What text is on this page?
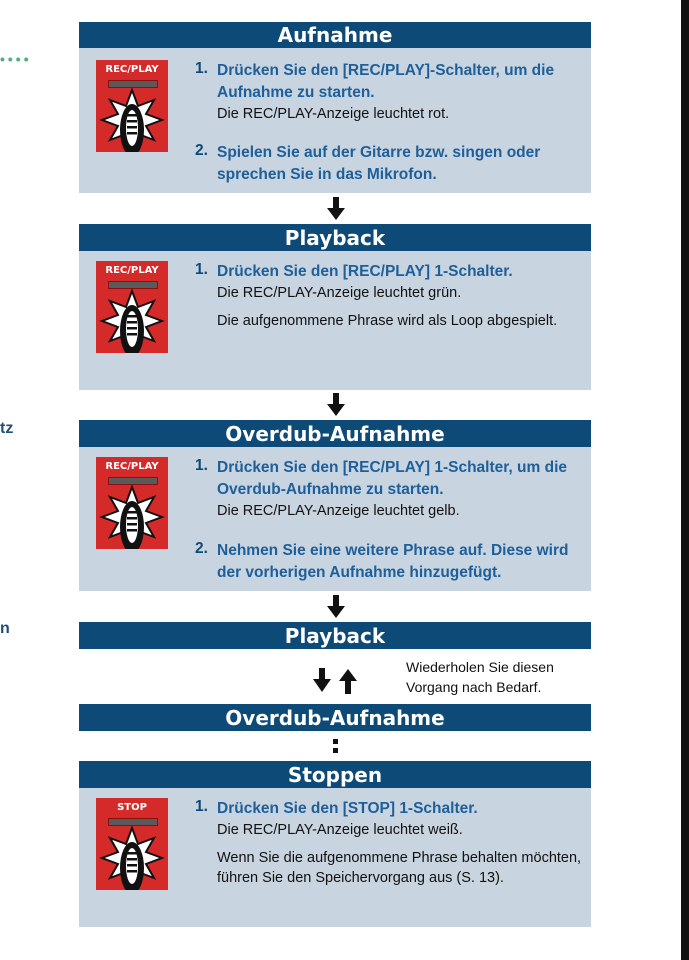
••••
tz
n
Aufnahme
REC/PLAY	1. Drücken Sie den [REC/PLAY]-Schalter, um die Aufnahme zu starten.
Die REC/PLAY-Anzeige leuchtet rot.
2. Spielen Sie auf der Gitarre bzw. singen oder sprechen Sie in das Mikrofon.
Playback
REC/PLAY	1. Drücken Sie den [REC/PLAY] 1-Schalter.
Die REC/PLAY-Anzeige leuchtet grün.
Die aufgenommene Phrase wird als Loop abgespielt.
Overdub-Aufnahme
REC/PLAY	1. Drücken Sie den [REC/PLAY] 1-Schalter, um die Overdub-Aufnahme zu starten.
Die REC/PLAY-Anzeige leuchtet gelb.
2. Nehmen Sie eine weitere Phrase auf. Diese wird der vorherigen Aufnahme hinzugefügt.
Playback
Wiederholen Sie diesen Vorgang nach Bedarf.
Overdub-Aufnahme
Stoppen
STOP	1. Drücken Sie den [STOP] 1-Schalter.
Die REC/PLAY-Anzeige leuchtet weiß.
Wenn Sie die aufgenommene Phrase behalten möchten, führen Sie den Speichervorgang aus (S. 13).
